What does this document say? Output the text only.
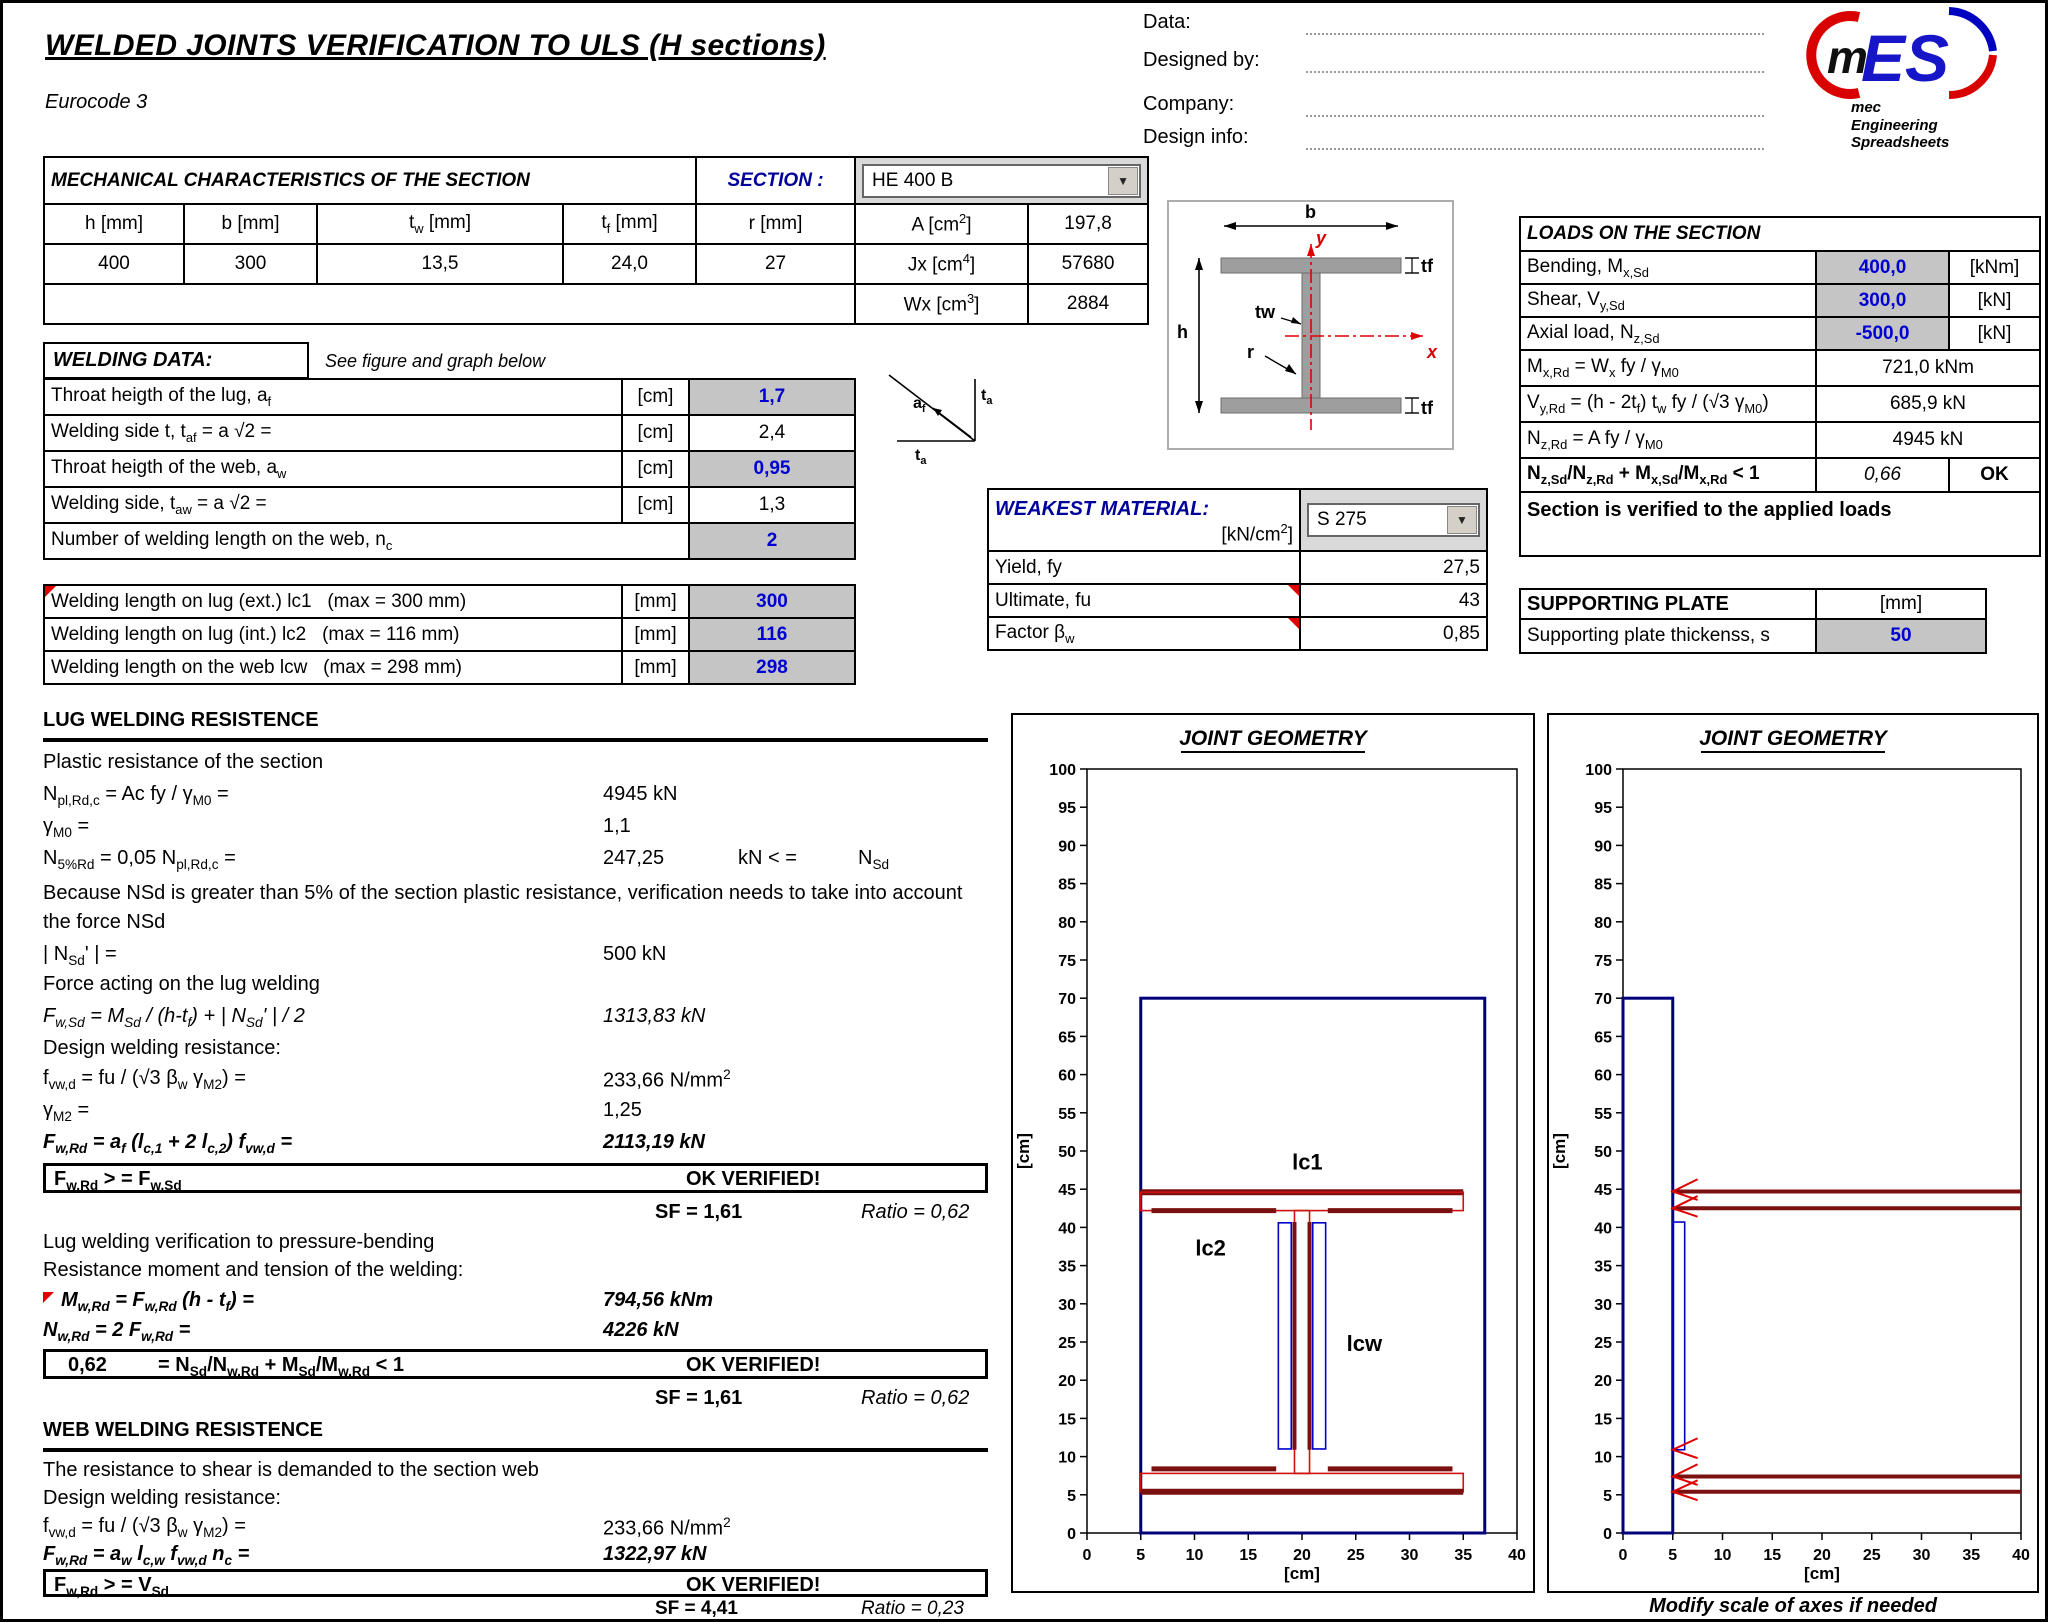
WELDED JOINTS VERIFICATION TO ULS (H sections)
Eurocode 3
Data:
Designed by:
Company:
Design info:
m
ES
mec
Engineering Spreadsheets
MECHANICAL CHARACTERISTICS OF THE SECTION				SECTION :	HE 400 B ▼	

h [mm]	b [mm]	$t_w$ [mm]	$t_f$ [mm]	r [mm]	A $[cm^2]$	197,8
400	300	13,5	24,0	27	Jx $[cm^4]$	57680
					Wx $[cm^3]$	2884
b
y
tw
tf
h
r	x
tf
LOADS ON THE SECTION		
Bending, $M_{x,Sd}$	400,0	[kNm]
Shear, $V_{y,Sd}$	300,0	[kN]
Axial load, $N_{z,Sd}$	-500,0	[kN]
$M_{x,Rd} = W_x$ fy / $\gamma_{M0}$	721,0 kNm	
$V_{y,Rd} = (h - 2t_f)$ $t_w$ fy / (√3 $\gamma_{M0}$)	685,9 kN	
$N_{z,Rd} = A$ fy / $\gamma_{M0}$	4945 kN	
$N_{z,Sd}/N_{z,Rd} + M_{x,Sd}/M_{x,Rd} < 1$	0,66	OK
Section is verified to the applied loads		
WELDING DATA:	See figure and graph below
Throat heigth of the lug, $a_f$	[cm]	1,7
Welding side t, $t_{af} = a$ √2 =	[cm]	2,4
Throat heigth of the web, $a_w$	[cm]	0,95
Welding side, $t_{aw} = a$ √2 =	[cm]	1,3
Number of welding length on the web, $n_c$		2
Welding length on lug (ext.) lc1   (max = 300 mm)	[mm]	300
Welding length on lug (int.) lc2   (max = 116 mm)	[mm]	116
Welding length on the web lcw   (max = 298 mm)	[mm]	298
$t_a$
$a_f$
$t_a$
WEAKEST MATERIAL:
$[kN/cm^2]$

S 275	▼

Yield, fy	27,5
Ultimate, fu	43
Factor $\beta_w$	0,85
SUPPORTING PLATE	[mm]
Supporting plate thickenss, s	50
LUG WELDING RESISTENCE
Plastic resistance of the section
$N_{pl,Rd,c} = Ac$ fy / $\gamma_{M0}$ =	4945 kN
$\gamma_{M0}$ =	1,1
$N_{5\%Rd} = 0,05$ $N_{pl,Rd,c}$ =	247,25	kN < =	$N_{Sd}$
Because NSd is greater than 5% of the section plastic resistance, verification needs to take into account the force NSd
| $N_{Sd}'$ | =	500 kN
Force acting on the lug welding
$F_{w,Sd} = M_{Sd} / (h-t_f)$ + | $N_{Sd}'$ | / 2	1313,83 kN
Design welding resistance:
$f_{vw,d}$ = fu / (√3 $\beta_w$ $\gamma_{M2}$) =	233,66 $N/mm^2$
$\gamma_{M2}$ =	1,25
$F_{w,Rd} = a_f$ ($l_{c,1} + 2$ $l_{c,2}$) $f_{vw,d}$ =	2113,19 kN
$F_{w,Rd}$ > = $F_{w,Sd}$	OK VERIFIED!
SF = 1,61	Ratio = 0,62
Lug welding verification to pressure-bending
Resistance moment and tension of the welding:
$M_{w,Rd} = F_{w,Rd}$ $(h - t_f)$ =	794,56 kNm
$N_{w,Rd} = 2$ $F_{w,Rd}$ =	4226 kN
0,62	= $N_{Sd}/N_{w,Rd} + M_{Sd}/M_{w,Rd} < 1$	OK VERIFIED!
SF = 1,61	Ratio = 0,62
WEB WELDING RESISTENCE
The resistance to shear is demanded to the section web
Design welding resistance:
$f_{vw,d}$ = fu / (√3 $\beta_w$ $\gamma_{M2}$) =	233,66 $N/mm^2$
$F_{w,Rd} = a_w$ $l_{c,w}$ $f_{vw,d}$ $n_c$ =	1322,97 kN
$F_{w,Rd}$ > = $V_{Sd}$	OK VERIFIED!
SF = 4,41	Ratio = 0,23
JOINT GEOMETRY
0
5
10
15
20
25
30
35
40
45
50
55
60
65
70
75
80
85
90
95
100
0	5	10 15 20 25 30 35 40
[cm]
[cm]
lc1
lc2
lcw
JOINT GEOMETRY
0
5
10
15
20
25
30
35
40
45
50
55
60
65
70
75
80
85
90
95
100
0	5 10 15 20 25 30 35 40
[cm]
[cm]
Modify scale of axes if needed
